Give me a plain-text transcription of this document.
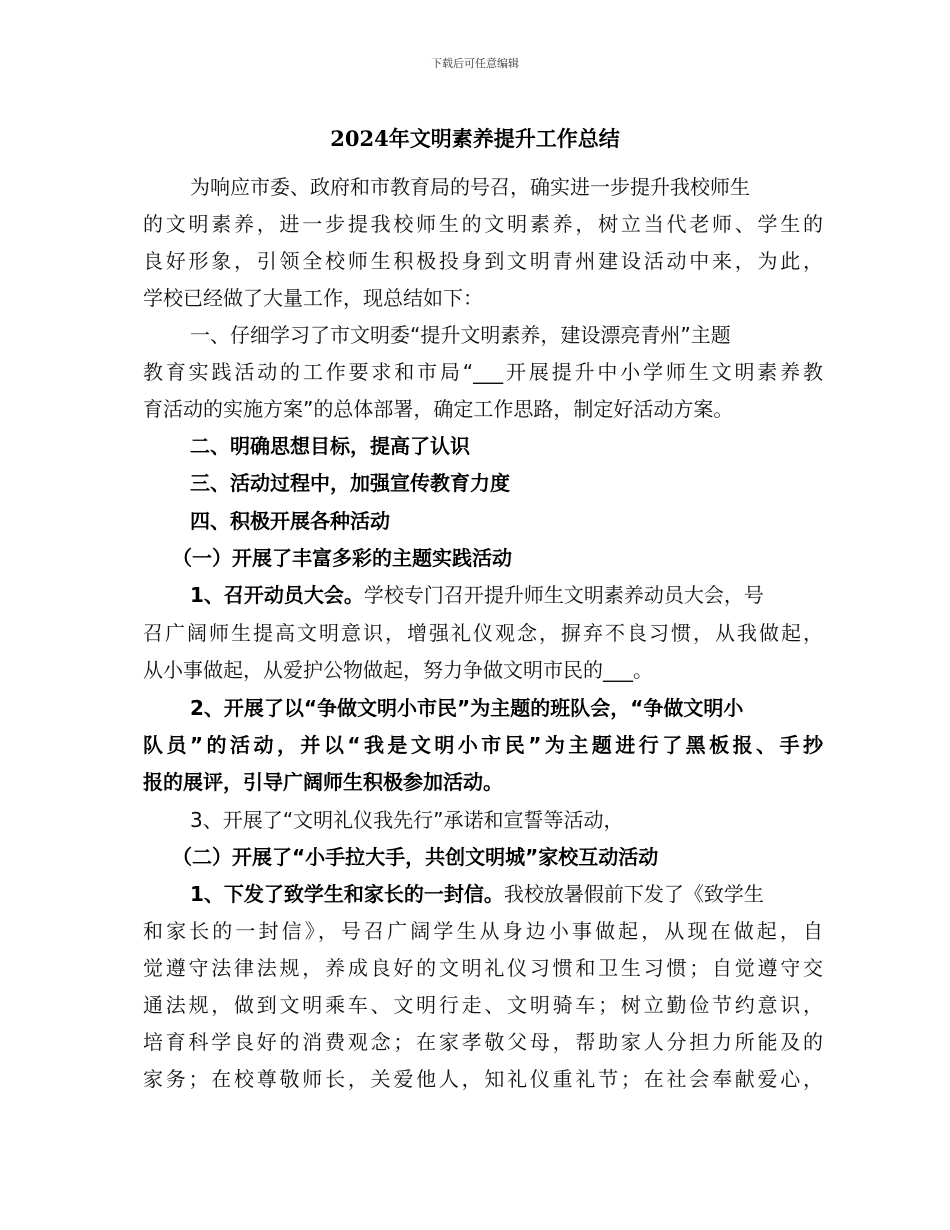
下载后可任意编辑
2024年文明素养提升工作总结
为响应市委、政府和市教育局的号召，确实进一步提升我校师生
的文明素养，进一步提我校师生的文明素养，树立当代老师、学生的
良好形象，引领全校师生积极投身到文明青州建设活动中来，为此，
学校已经做了大量工作，现总结如下：
一、仔细学习了市文明委“提升文明素养，建设漂亮青州”主题
教育实践活动的工作要求和市局“___开展提升中小学师生文明素养教
育活动的实施方案”的总体部署，确定工作思路，制定好活动方案。
二、明确思想目标，提高了认识
三、活动过程中，加强宣传教育力度
四、积极开展各种活动
（一）开展了丰富多彩的主题实践活动
1、召开动员大会。学校专门召开提升师生文明素养动员大会，号
召广阔师生提高文明意识，增强礼仪观念，摒弃不良习惯，从我做起，
从小事做起，从爱护公物做起，努力争做文明市民的___。
2、开展了以“争做文明小市民”为主题的班队会，“争做文明小
队员”的活动，并以“我是文明小市民”为主题进行了黑板报、手抄
报的展评，引导广阔师生积极参加活动。
3、开展了“文明礼仪我先行”承诺和宣誓等活动，
（二）开展了“小手拉大手，共创文明城”家校互动活动
1、下发了致学生和家长的一封信。我校放暑假前下发了《致学生
和家长的一封信》，号召广阔学生从身边小事做起，从现在做起，自
觉遵守法律法规，养成良好的文明礼仪习惯和卫生习惯；自觉遵守交
通法规，做到文明乘车、文明行走、文明骑车；树立勤俭节约意识，
培育科学良好的消费观念；在家孝敬父母，帮助家人分担力所能及的
家务；在校尊敬师长，关爱他人，知礼仪重礼节；在社会奉献爱心，
